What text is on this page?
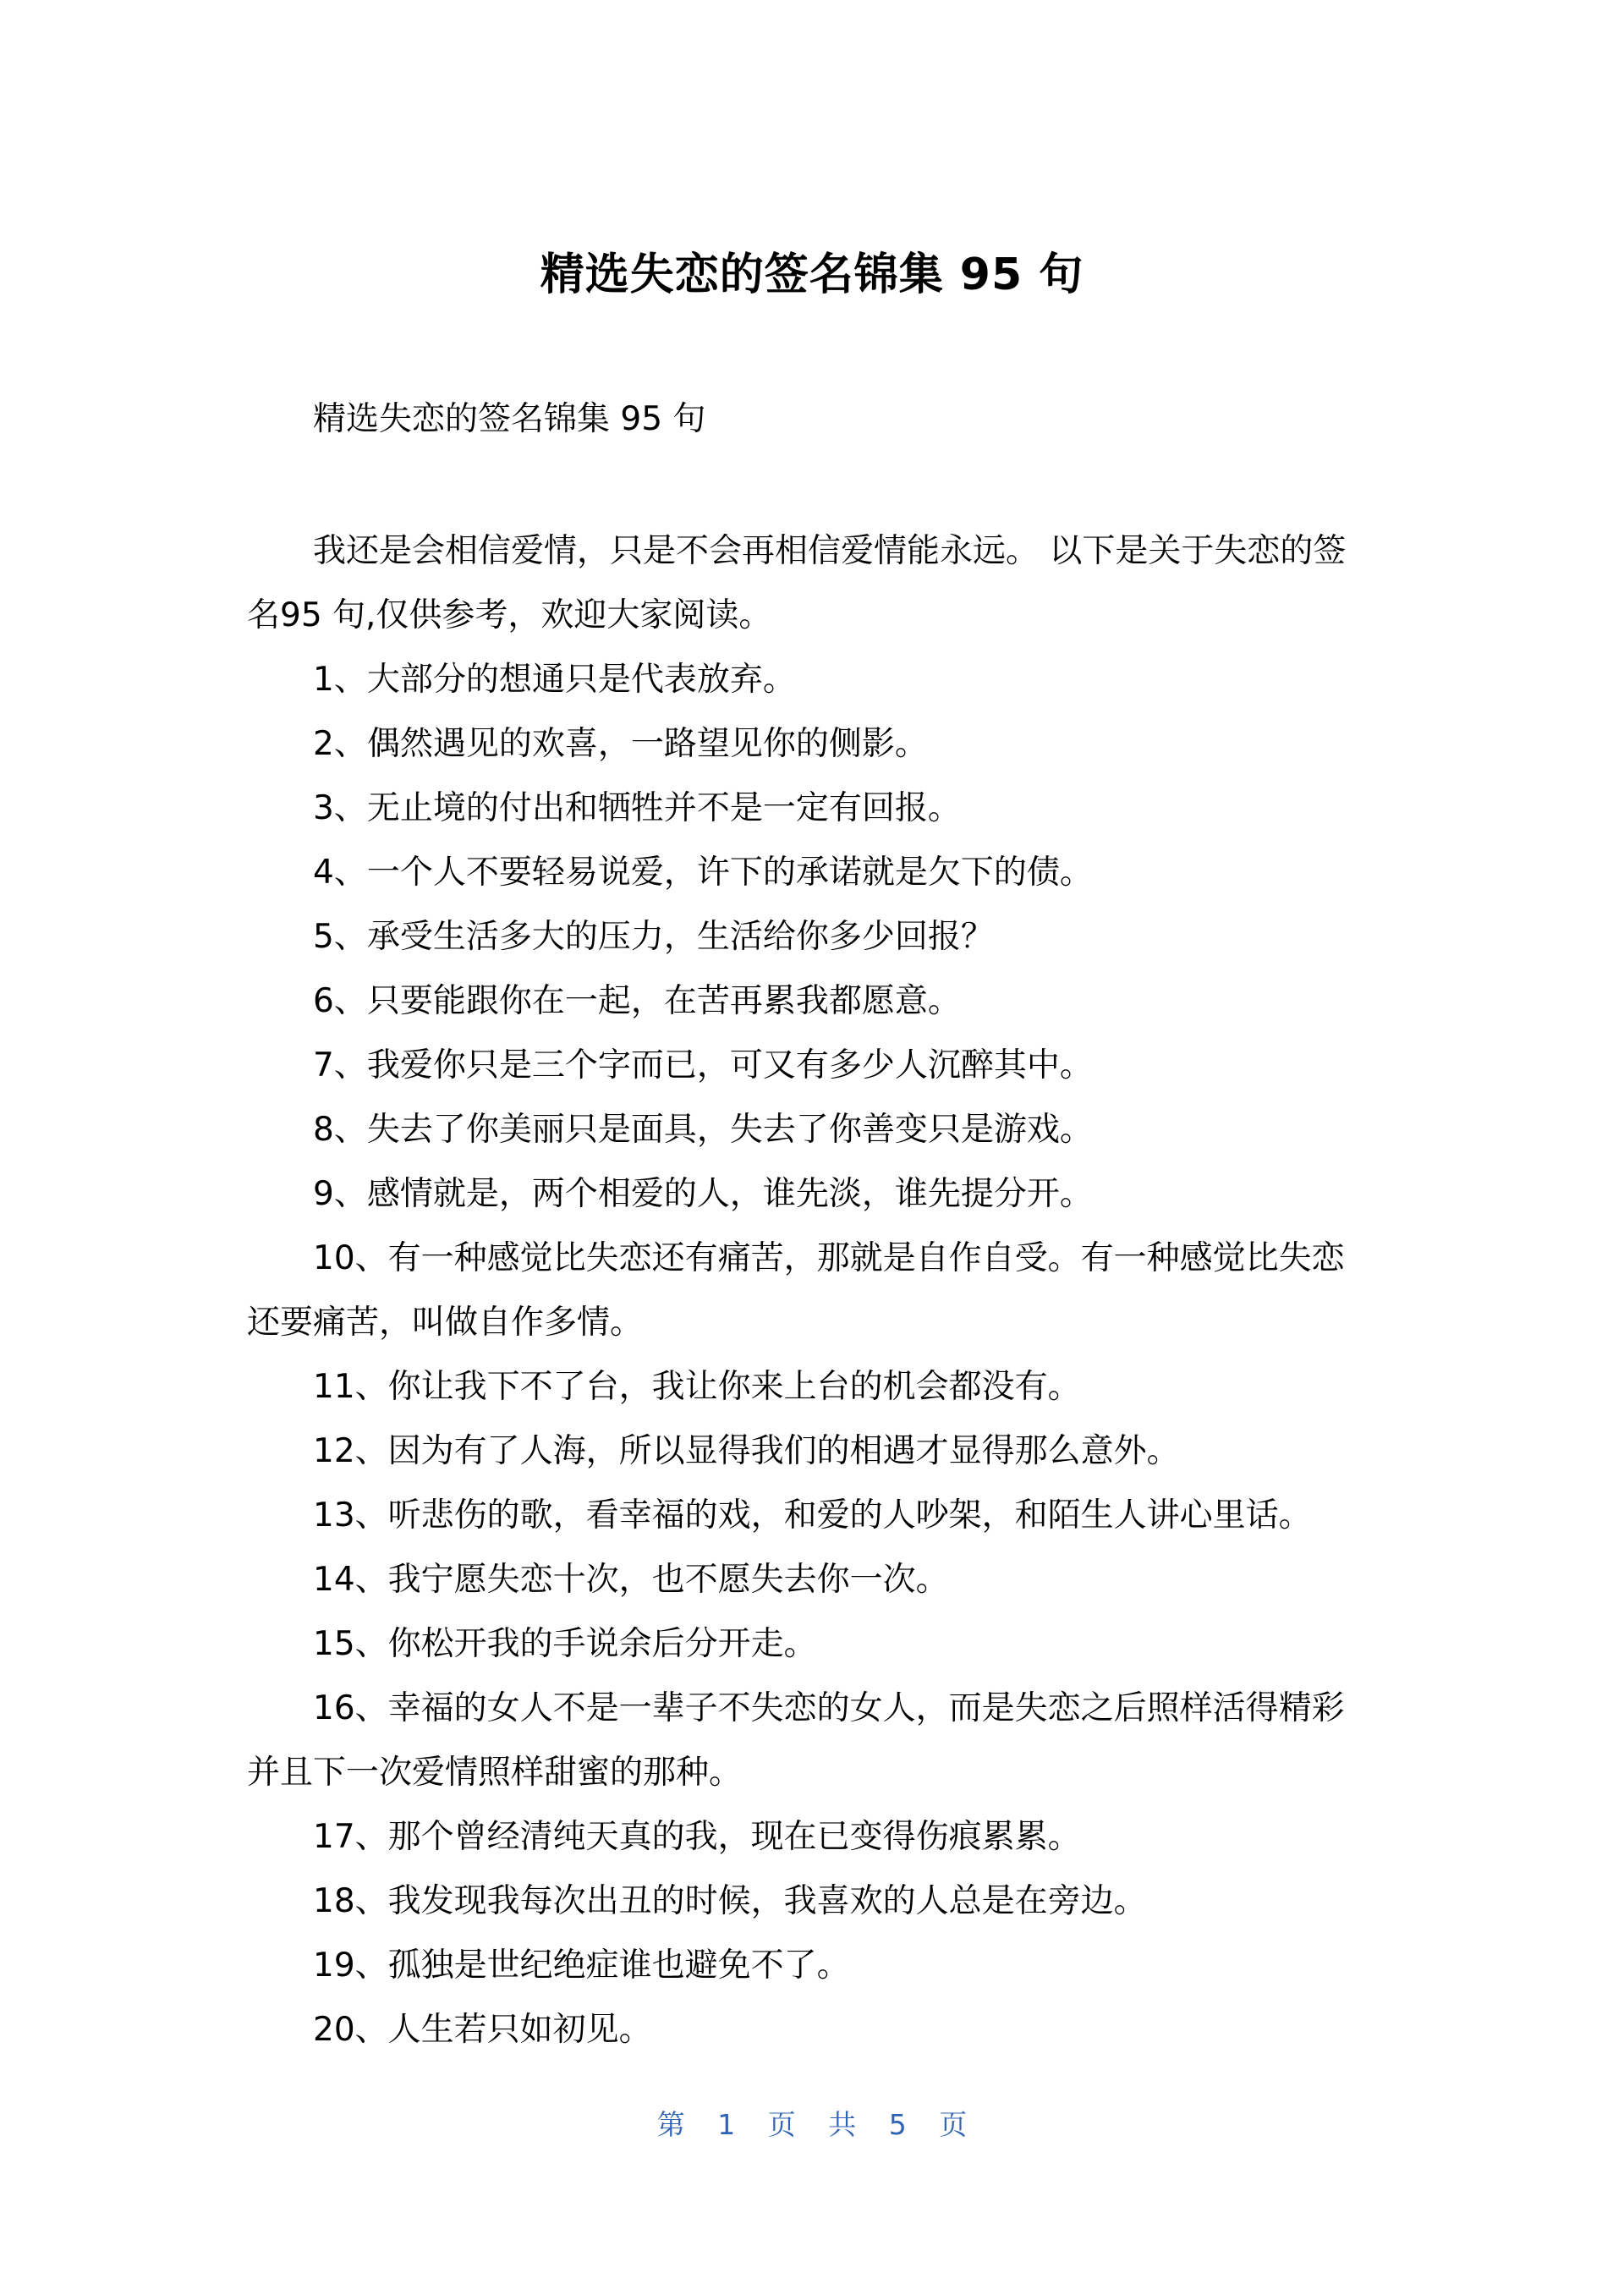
精选失恋的签名锦集 95 句

精选失恋的签名锦集 95 句

我还是会相信爱情，只是不会再相信爱情能永远。 以下是关于失恋的签名95 句,仅供参考，欢迎大家阅读。

1、大部分的想通只是代表放弃。

2、偶然遇见的欢喜，一路望见你的侧影。

3、无止境的付出和牺牲并不是一定有回报。

4、一个人不要轻易说爱，许下的承诺就是欠下的债。

5、承受生活多大的压力，生活给你多少回报？

6、只要能跟你在一起，在苦再累我都愿意。

7、我爱你只是三个字而已，可又有多少人沉醉其中。

8、失去了你美丽只是面具，失去了你善变只是游戏。

9、感情就是，两个相爱的人，谁先淡，谁先提分开。

10、有一种感觉比失恋还有痛苦，那就是自作自受。有一种感觉比失恋还要痛苦，叫做自作多情。

11、你让我下不了台，我让你来上台的机会都没有。

12、因为有了人海，所以显得我们的相遇才显得那么意外。

13、听悲伤的歌，看幸福的戏，和爱的人吵架，和陌生人讲心里话。

14、我宁愿失恋十次，也不愿失去你一次。

15、你松开我的手说余后分开走。

16、幸福的女人不是一辈子不失恋的女人，而是失恋之后照样活得精彩并且下一次爱情照样甜蜜的那种。

17、那个曾经清纯天真的我，现在已变得伤痕累累。

18、我发现我每次出丑的时候，我喜欢的人总是在旁边。

19、孤独是世纪绝症谁也避免不了。

20、人生若只如初见。

第 1 页 共 5 页
